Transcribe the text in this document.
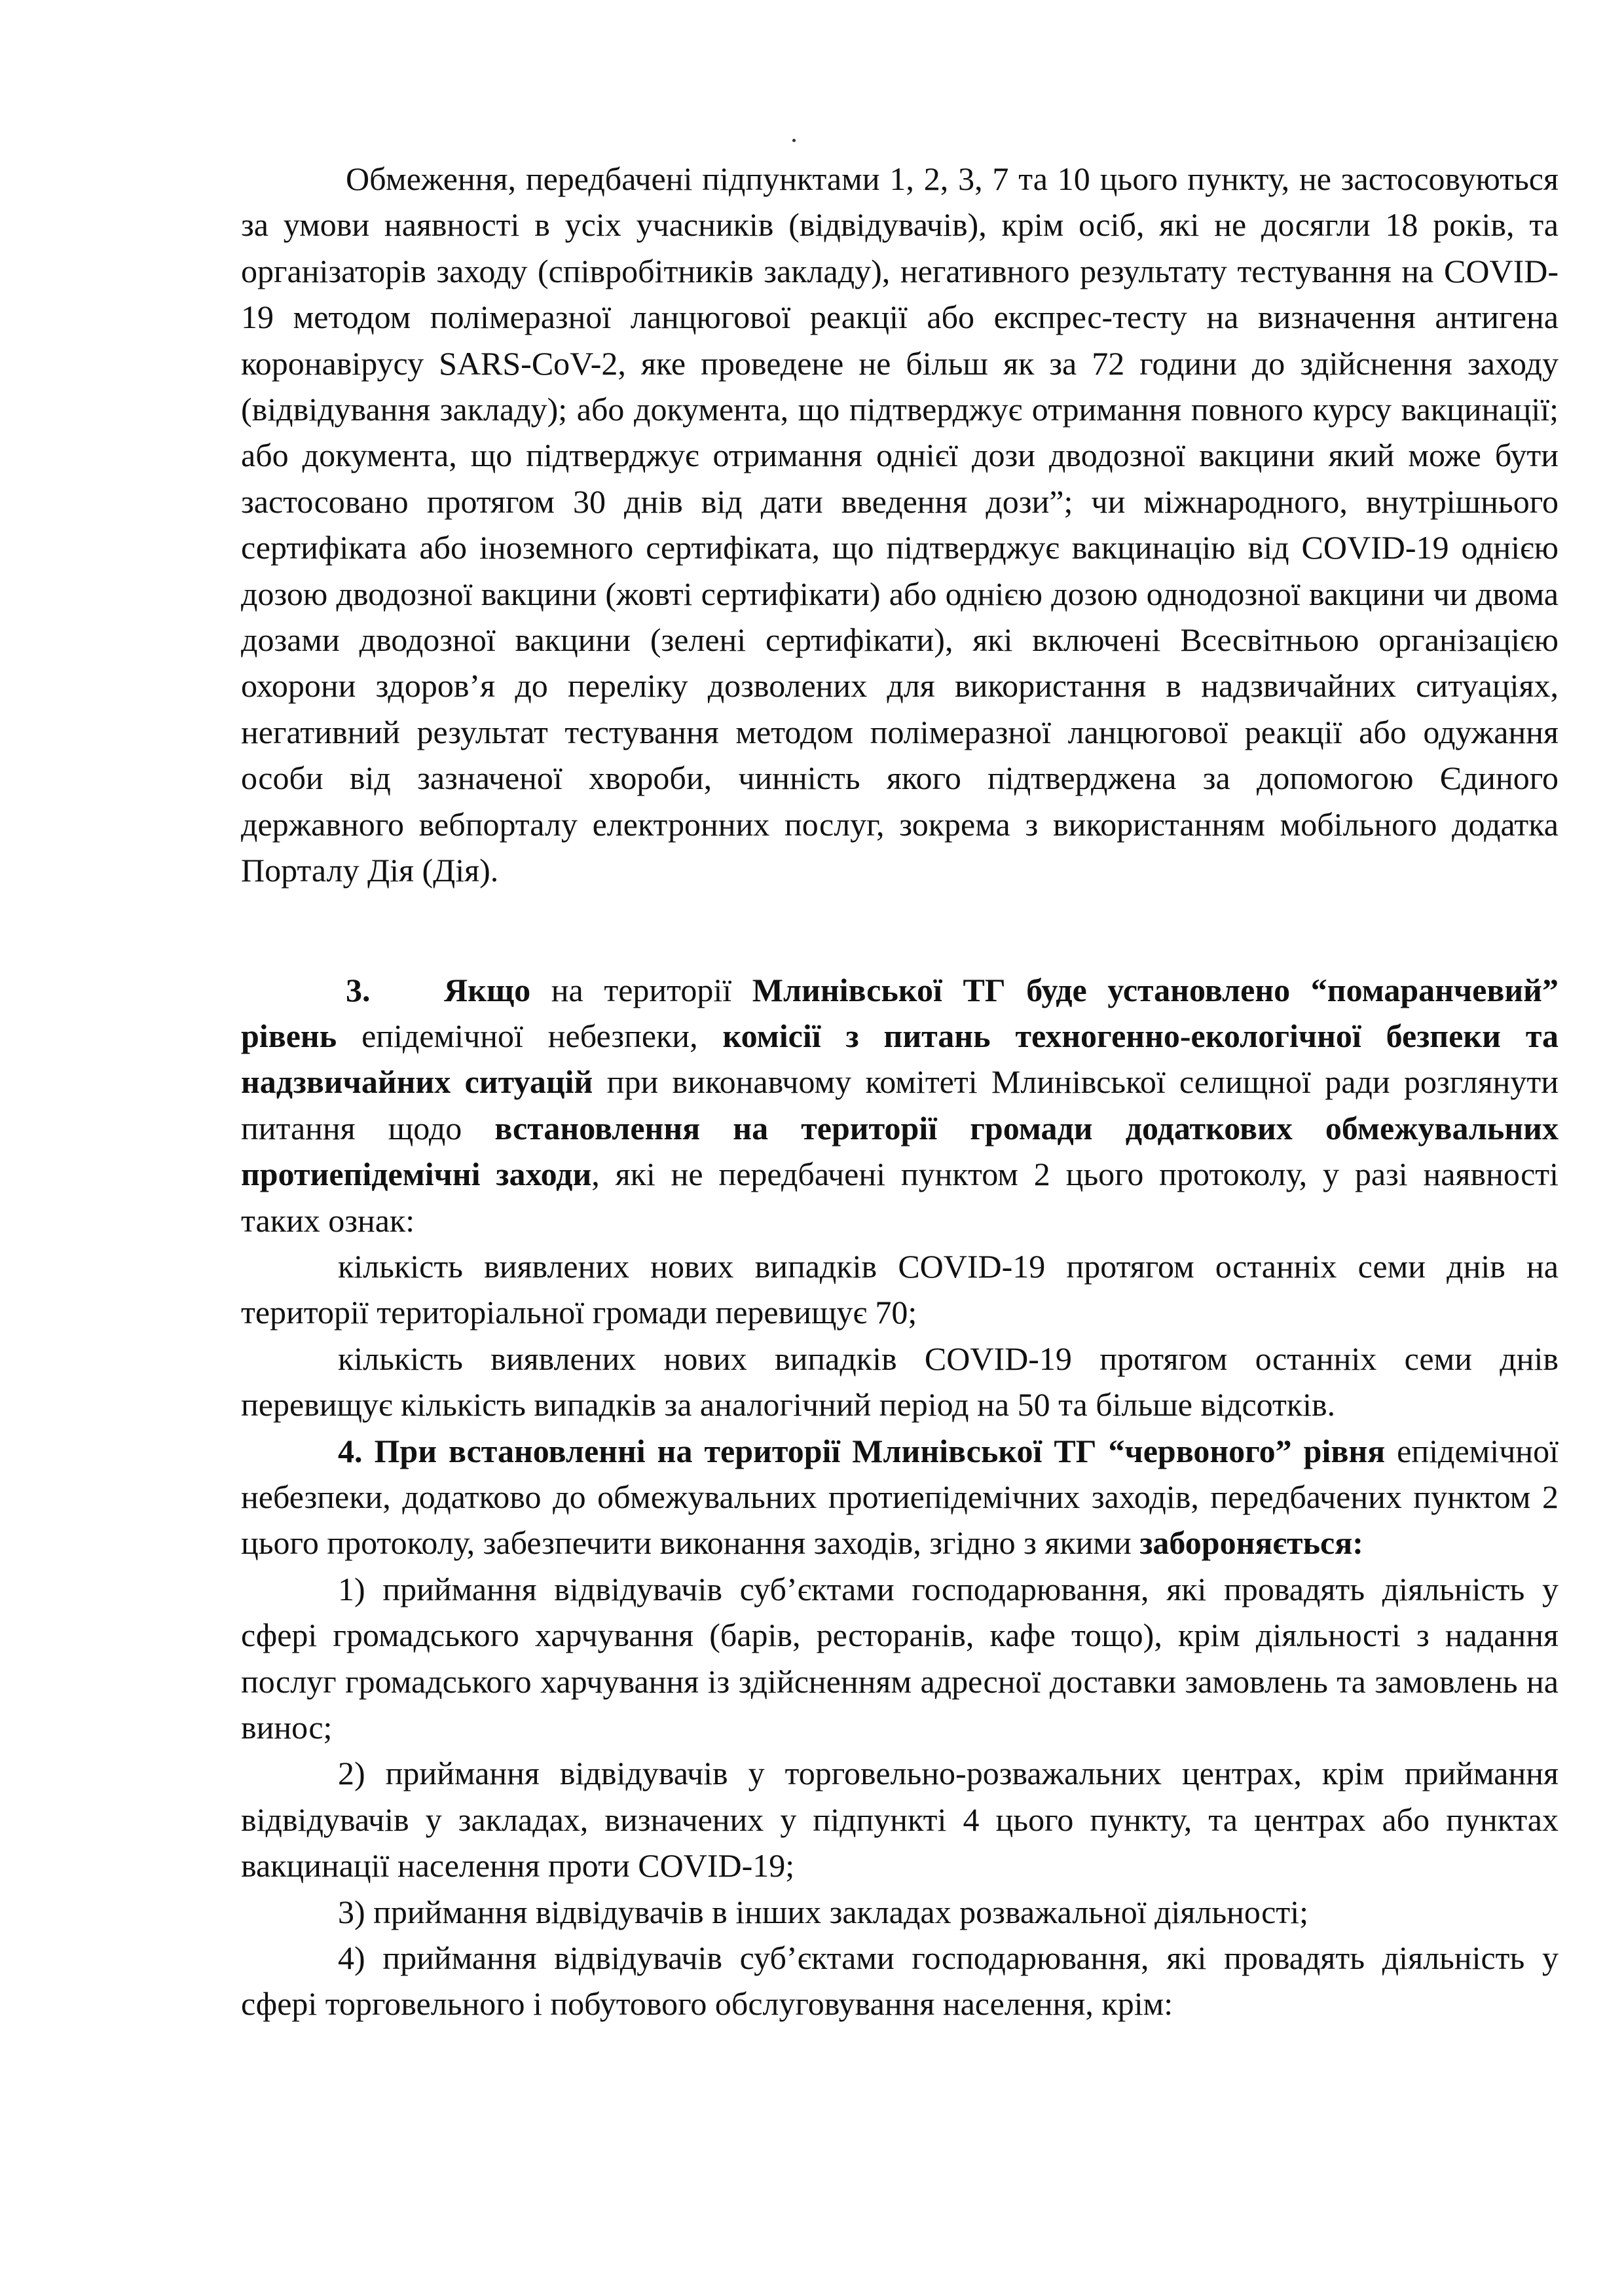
Обмеження, передбачені підпунктами 1, 2, 3, 7 та 10 цього пункту, не застосовуються за умови наявності в усіх учасників (відвідувачів), крім осіб, які не досягли 18 років, та організаторів заходу (співробітників закладу), негативного результату тестування на COVID-19 методом полімеразної ланцюгової реакції або експрес-тесту на визначення антигена коронавірусу SARS-CoV-2, яке проведене не більш як за 72 години до здійснення заходу (відвідування закладу); або документа, що підтверджує отримання повного курсу вакцинації; або документа, що підтверджує отримання однієї дози дводозної вакцини який може бути застосовано протягом 30 днів від дати введення дози”; чи міжнародного, внутрішнього сертифіката або іноземного сертифіката, що підтверджує вакцинацію від COVID-19 однією дозою дводозної вакцини (жовті сертифікати) або однією дозою однодозної вакцини чи двома дозами дводозної вакцини (зелені сертифікати), які включені Всесвітньою організацією охорони здоров’я до переліку дозволених для використання в надзвичайних ситуаціях, негативний результат тестування методом полімеразної ланцюгової реакції або одужання особи від зазначеної хвороби, чинність якого підтверджена за допомогою Єдиного державного вебпорталу електронних послуг, зокрема з використанням мобільного додатка Порталу Дія (Дія).

3. Якщо на території Млинівської ТГ буде установлено “помаранчевий” рівень епідемічної небезпеки, комісії з питань техногенно-екологічної безпеки та надзвичайних ситуацій при виконавчому комітеті Млинівської селищної ради розглянути питання щодо встановлення на території громади додаткових обмежувальних протиепідемічні заходи, які не передбачені пунктом 2 цього протоколу, у разі наявності таких ознак:

кількість виявлених нових випадків COVID-19 протягом останніх семи днів на території територіальної громади перевищує 70;

кількість виявлених нових випадків COVID-19 протягом останніх семи днів перевищує кількість випадків за аналогічний період на 50 та більше відсотків.

4. При встановленні на території Млинівської ТГ “червоного” рівня епідемічної небезпеки, додатково до обмежувальних протиепідемічних заходів, передбачених пунктом 2 цього протоколу, забезпечити виконання заходів, згідно з якими забороняється:

1) приймання відвідувачів суб’єктами господарювання, які провадять діяльність у сфері громадського харчування (барів, ресторанів, кафе тощо), крім діяльності з надання послуг громадського харчування із здійсненням адресної доставки замовлень та замовлень на винос;

2) приймання відвідувачів у торговельно-розважальних центрах, крім приймання відвідувачів у закладах, визначених у підпункті 4 цього пункту, та центрах або пунктах вакцинації населення проти COVID-19;

3) приймання відвідувачів в інших закладах розважальної діяльності;

4) приймання відвідувачів суб’єктами господарювання, які провадять діяльність у сфері торговельного і побутового обслуговування населення, крім:
